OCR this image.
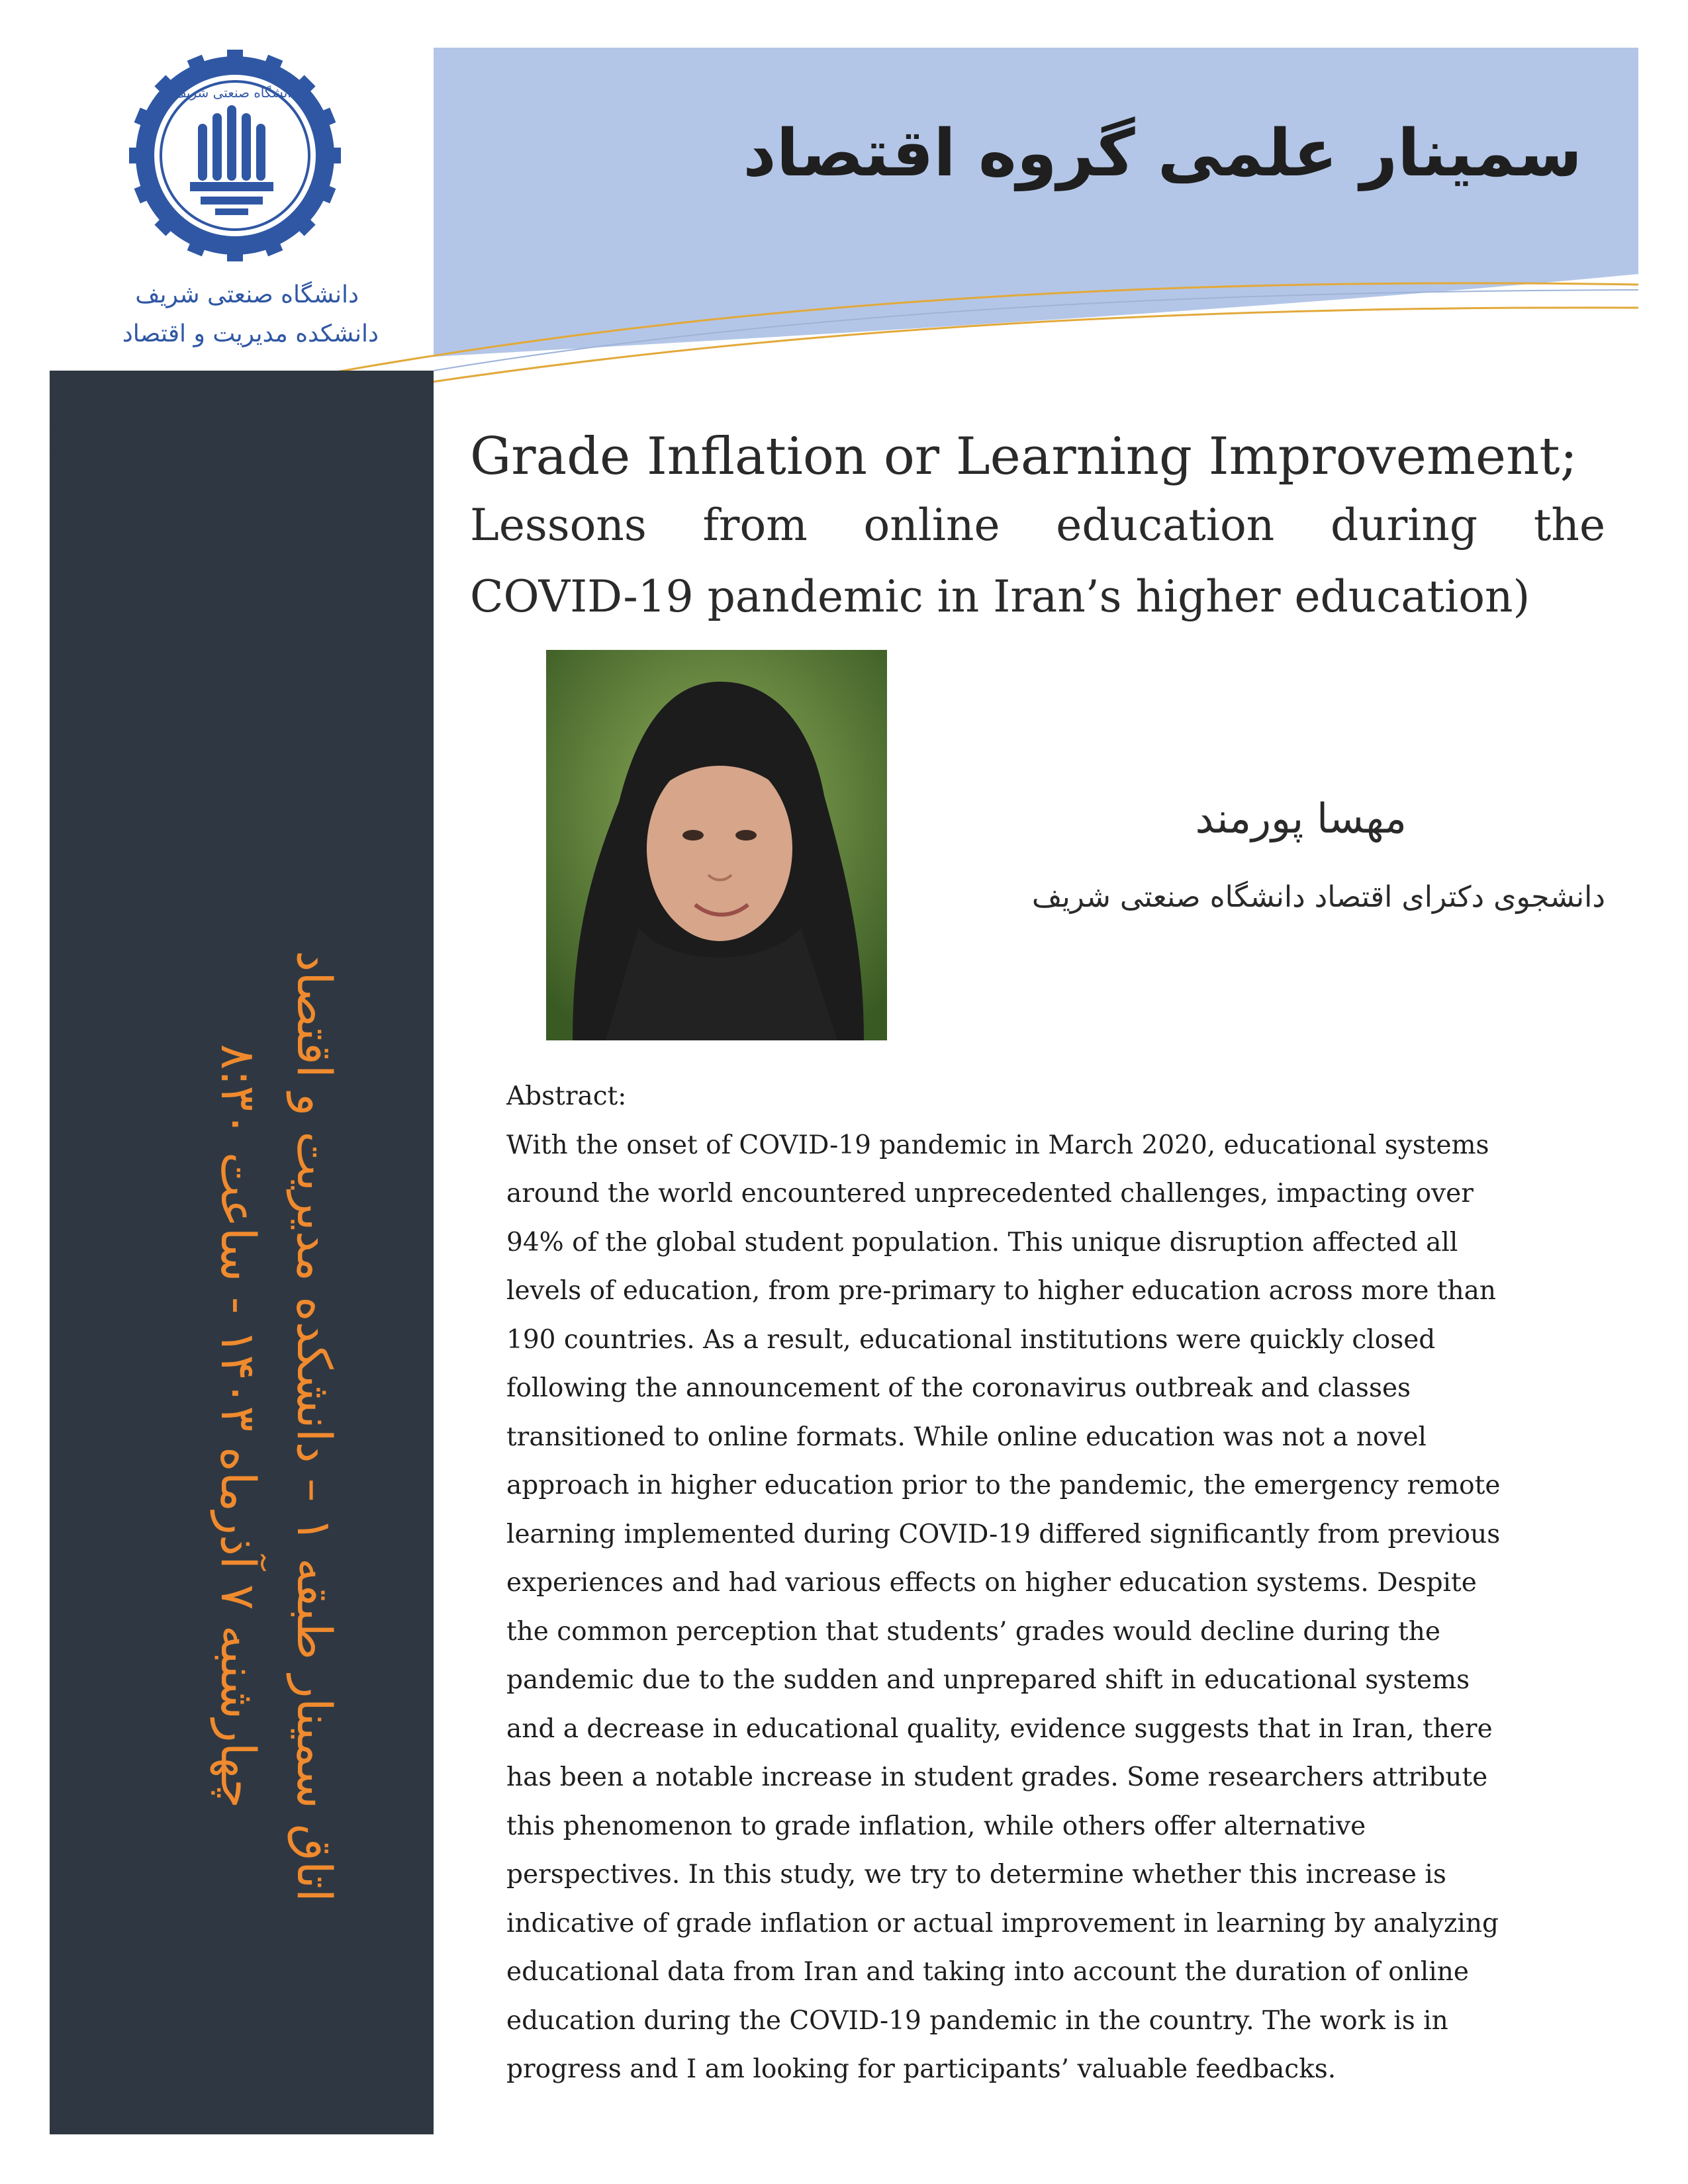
سمینار علمی گروه اقتصاد
دانشگاه صنعتی شریف
دانشگاه صنعتی شریف
دانشکده مدیریت و اقتصاد
چهارشنبه ۷ آذرماه ۱۴۰۳ - ساعت ۸:۳۰
اتاق سمینار طبقه ۱ – دانشکده مدیریت و اقتصاد
Grade Inflation or Learning Improvement;
Lessons from online education during the
COVID-19 pandemic in Iran’s higher education)
مهسا پورمند
دانشجوی دکترای اقتصاد دانشگاه صنعتی شریف
Abstract:
With the onset of COVID-19 pandemic in March 2020, educational systems
around the world encountered unprecedented challenges, impacting over
94% of the global student population. This unique disruption affected all
levels of education, from pre-primary to higher education across more than
190 countries. As a result, educational institutions were quickly closed
following the announcement of the coronavirus outbreak and classes
transitioned to online formats. While online education was not a novel
approach in higher education prior to the pandemic, the emergency remote
learning implemented during COVID-19 differed significantly from previous
experiences and had various effects on higher education systems. Despite
the common perception that students’ grades would decline during the
pandemic due to the sudden and unprepared shift in educational systems
and a decrease in educational quality, evidence suggests that in Iran, there
has been a notable increase in student grades. Some researchers attribute
this phenomenon to grade inflation, while others offer alternative
perspectives. In this study, we try to determine whether this increase is
indicative of grade inflation or actual improvement in learning by analyzing
educational data from Iran and taking into account the duration of online
education during the COVID-19 pandemic in the country. The work is in
progress and I am looking for participants’ valuable feedbacks.
